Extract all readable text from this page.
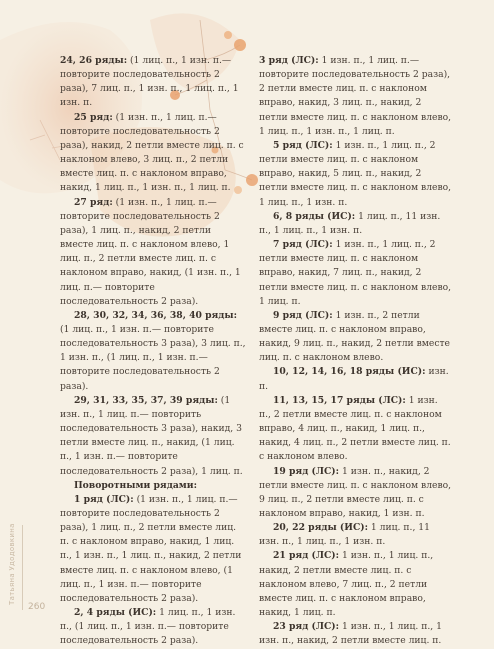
24, 26 ряды: (1 лиц. п., 1 изн. п.— повторите последовательность 2 раза), 7 лиц. п., 1 изн. п., 1 лиц. п., 1 изн. п.

25 ряд: (1 изн. п., 1 лиц. п.— повторите последовательность 2 раза), накид, 2 петли вместе лиц. п. с наклоном влево, 3 лиц. п., 2 петли вместе лиц. п. с наклоном вправо, накид, 1 лиц. п., 1 изн. п., 1 лиц. п.

27 ряд: (1 изн. п., 1 лиц. п.— повторите последовательность 2 раза), 1 лиц. п., накид, 2 петли вместе лиц. п. с наклоном влево, 1 лиц. п., 2 петли вместе лиц. п. с наклоном вправо, накид, (1 изн. п., 1 лиц. п.— повторите последовательность 2 раза).

28, 30, 32, 34, 36, 38, 40 ряды: (1 лиц. п., 1 изн. п.— повторите последовательность 3 раза), 3 лиц. п., 1 изн. п., (1 лиц. п., 1 изн. п.— повторите последовательность 2 раза).

29, 31, 33, 35, 37, 39 ряды: (1 изн. п., 1 лиц. п.— повторить последовательность 3 раза), накид, 3 петли вместе лиц. п., накид, (1 лиц. п., 1 изн. п.— повторите последовательность 2 раза), 1 лиц. п.

Поворотными рядами:

1 ряд (ЛС): (1 изн. п., 1 лиц. п.— повторите последовательность 2 раза), 1 лиц. п., 2 петли вместе лиц. п. с наклоном вправо, накид, 1 лиц. п., 1 изн. п., 1 лиц. п., накид, 2 петли вместе лиц. п. с наклоном влево, (1 лиц. п., 1 изн. п.— повторите последовательность 2 раза).

2, 4 ряды (ИС): 1 лиц. п., 1 изн. п., (1 лиц. п., 1 изн. п.— повторите последовательность 2 раза).

3 ряд (ЛС): 1 изн. п., 1 лиц. п.— повторите последовательность 2 раза), 2 петли вместе лиц. п. с наклоном вправо, накид, 3 лиц. п., накид, 2 петли вместе лиц. п. с наклоном влево, 1 лиц. п., 1 изн. п., 1 лиц. п.

5 ряд (ЛС): 1 изн. п., 1 лиц. п., 2 петли вместе лиц. п. с наклоном вправо, накид, 5 лиц. п., накид, 2 петли вместе лиц. п. с наклоном влево, 1 лиц. п., 1 изн. п.

6, 8 ряды (ИС): 1 лиц. п., 11 изн. п., 1 лиц. п., 1 изн. п.

7 ряд (ЛС): 1 изн. п., 1 лиц. п., 2 петли вместе лиц. п. с наклоном вправо, накид, 7 лиц. п., накид, 2 петли вместе лиц. п. с наклоном влево, 1 лиц. п.

9 ряд (ЛС): 1 изн. п., 2 петли вместе лиц. п. с наклоном вправо, накид, 9 лиц. п., накид, 2 петли вместе лиц. п. с наклоном влево.

10, 12, 14, 16, 18 ряды (ИС): изн. п.

11, 13, 15, 17 ряды (ЛС): 1 изн. п., 2 петли вместе лиц. п. с наклоном вправо, 4 лиц. п., накид, 1 лиц. п., накид, 4 лиц. п., 2 петли вместе лиц. п. с наклоном влево.

19 ряд (ЛС): 1 изн. п., накид, 2 петли вместе лиц. п. с наклоном влево, 9 лиц. п., 2 петли вместе лиц. п. с наклоном вправо, накид, 1 изн. п.

20, 22 ряды (ИС): 1 лиц. п., 11 изн. п., 1 лиц. п., 1 изн. п.

21 ряд (ЛС): 1 изн. п., 1 лиц. п., накид, 2 петли вместе лиц. п. с наклоном влево, 7 лиц. п., 2 петли вместе лиц. п. с наклоном вправо, накид, 1 лиц. п.

23 ряд (ЛС): 1 изн. п., 1 лиц. п., 1 изн. п., накид, 2 петли вместе лиц. п.

Татьяна Удодовкина
260
